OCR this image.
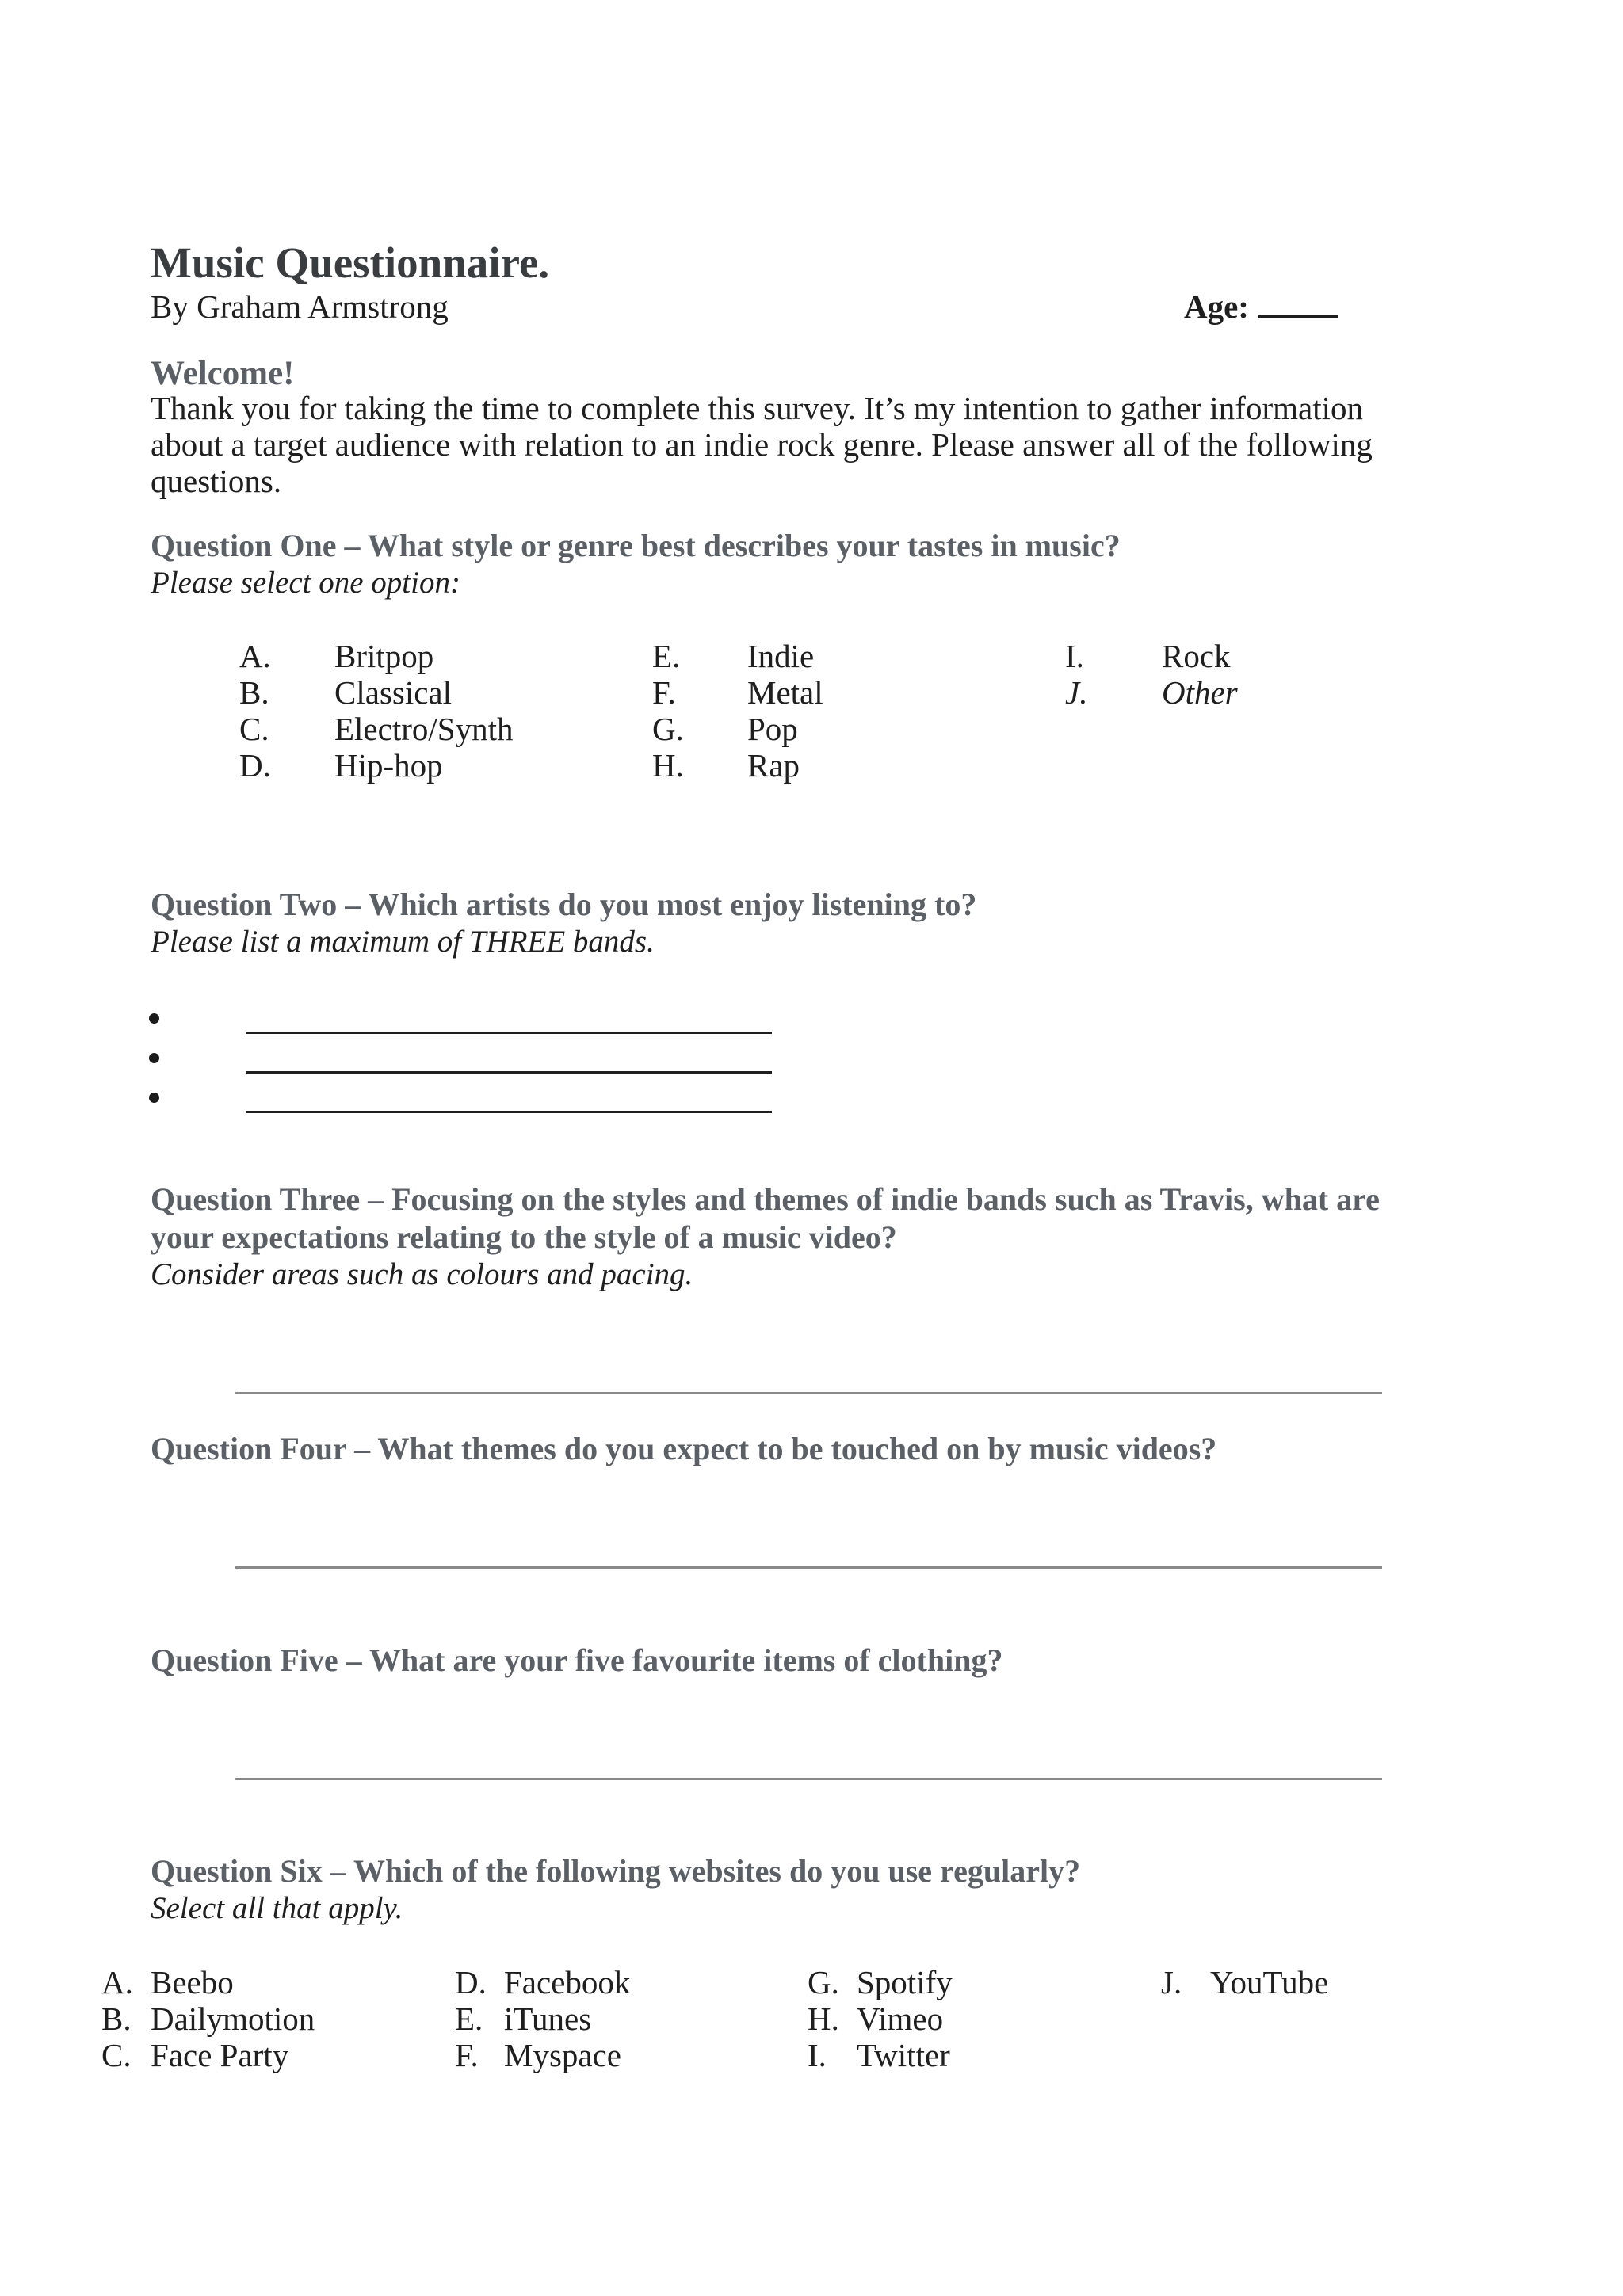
Music Questionnaire.
By Graham Armstrong	Age:
Welcome!
Thank you for taking the time to complete this survey. It’s my intention to gather information
about a target audience with relation to an indie rock genre. Please answer all of the following
questions.
Question One – What style or genre best describes your tastes in music?
Please select one option:
A. Britpop
B. Classical
C. Electro/Synth
D. Hip-hop
E. Indie
F. Metal
G. Pop
H. Rap
I. Rock
J. Other
Question Two – Which artists do you most enjoy listening to?
Please list a maximum of THREE bands.
Question Three – Focusing on the styles and themes of indie bands such as Travis, what are
your expectations relating to the style of a music video?
Consider areas such as colours and pacing.
Question Four – What themes do you expect to be touched on by music videos?
Question Five – What are your five favourite items of clothing?
Question Six – Which of the following websites do you use regularly?
Select all that apply.
A. Beebo
B. Dailymotion
C. Face Party
D. Facebook
E. iTunes
F. Myspace
G. Spotify
H. Vimeo
I. Twitter
J. YouTube
